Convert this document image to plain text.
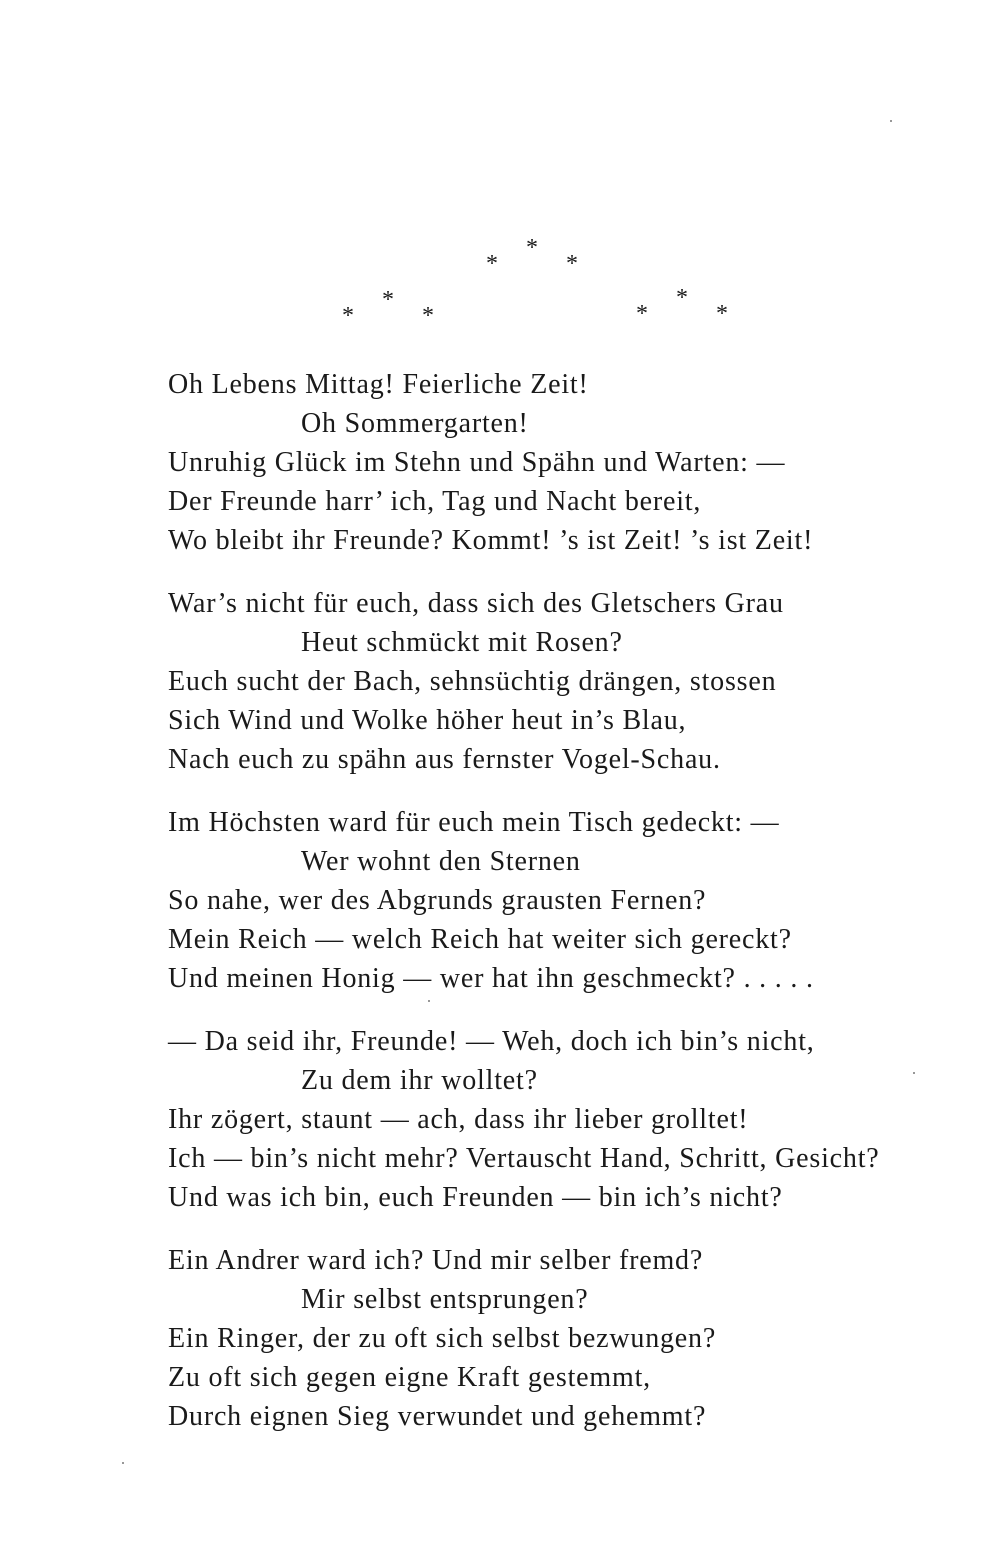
*
*	*
*
*	*
*
*	*
Oh Lebens Mittag! Feierliche Zeit!
Oh Sommergarten!
Unruhig Glück im Stehn und Spähn und Warten: —
Der Freunde harr’ ich, Tag und Nacht bereit,
Wo bleibt ihr Freunde? Kommt! ’s ist Zeit! ’s ist Zeit!
War’s nicht für euch, dass sich des Gletschers Grau
Heut schmückt mit Rosen?
Euch sucht der Bach, sehnsüchtig drängen, stossen
Sich Wind und Wolke höher heut in’s Blau,
Nach euch zu spähn aus fernster Vogel-Schau.
Im Höchsten ward für euch mein Tisch gedeckt: —
Wer wohnt den Sternen
So nahe, wer des Abgrunds grausten Fernen?
Mein Reich — welch Reich hat weiter sich gereckt?
Und meinen Honig — wer hat ihn geschmeckt? . . . . .
— Da seid ihr, Freunde! — Weh, doch ich bin’s nicht,
Zu dem ihr wolltet?
Ihr zögert, staunt — ach, dass ihr lieber grolltet!
Ich — bin’s nicht mehr? Vertauscht Hand, Schritt, Gesicht?
Und was ich bin, euch Freunden — bin ich’s nicht?
Ein Andrer ward ich? Und mir selber fremd?
Mir selbst entsprungen?
Ein Ringer, der zu oft sich selbst bezwungen?
Zu oft sich gegen eigne Kraft gestemmt,
Durch eignen Sieg verwundet und gehemmt?
